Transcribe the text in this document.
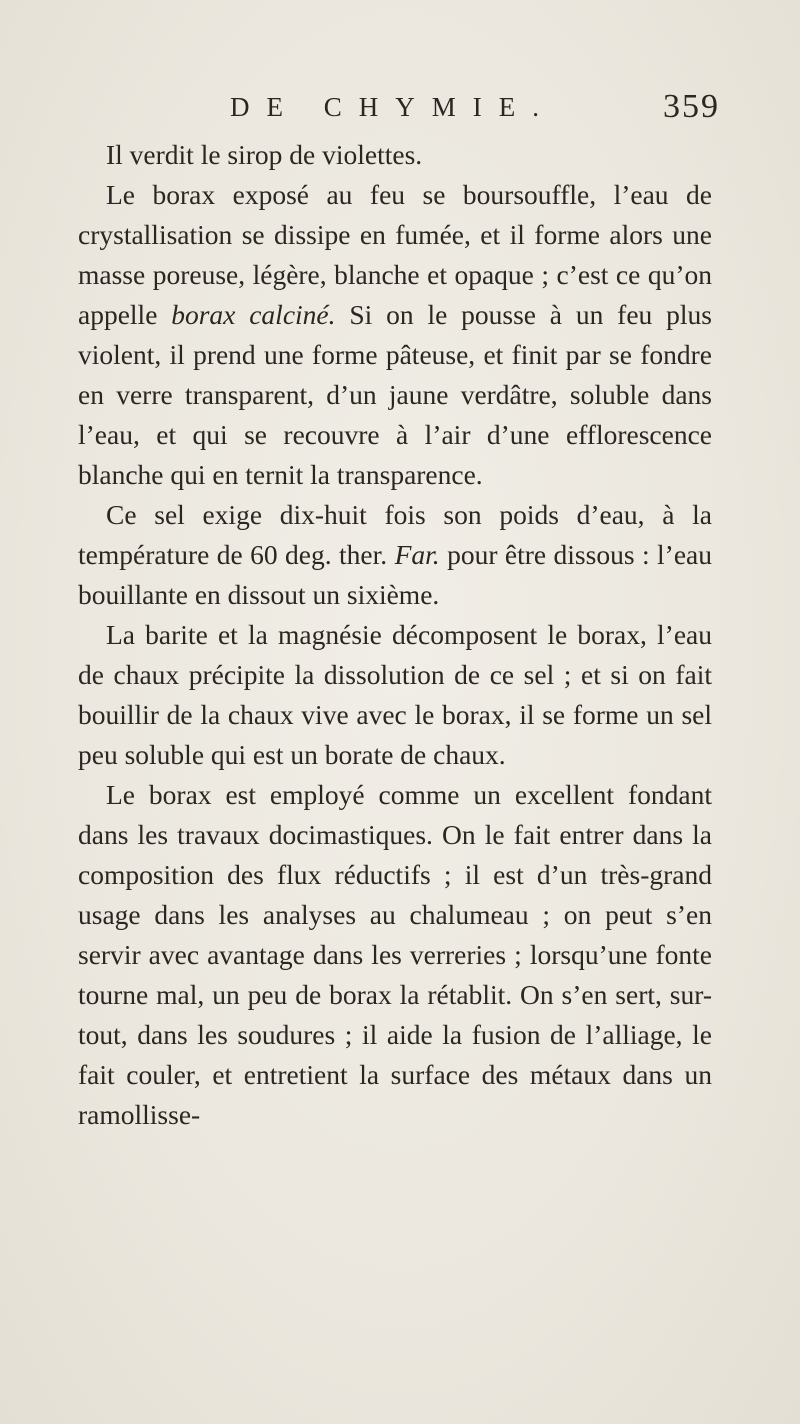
DE CHYMIE.	359

Il verdit le sirop de violettes.

Le borax exposé au feu se boursouffle, l’eau de crystallisation se dissipe en fumée, et il forme alors une masse poreuse, légère, blanche et opaque ; c’est ce qu’on appelle borax calciné. Si on le pousse à un feu plus violent, il prend une forme pâteuse, et finit par se fondre en verre transparent, d’un jaune verdâtre, soluble dans l’eau, et qui se recouvre à l’air d’une efflorescence blanche qui en ternit la transparence.

Ce sel exige dix-huit fois son poids d’eau, à la température de 60 deg. ther. Far. pour être dissous : l’eau bouillante en dissout un sixième.

La barite et la magnésie décomposent le borax, l’eau de chaux précipite la dissolution de ce sel ; et si on fait bouillir de la chaux vive avec le borax, il se forme un sel peu soluble qui est un borate de chaux.

Le borax est employé comme un excellent fondant dans les travaux docimastiques. On le fait entrer dans la composition des flux réductifs ; il est d’un très-grand usage dans les analyses au chalumeau ; on peut s’en servir avec avantage dans les verreries ; lorsqu’une fonte tourne mal, un peu de borax la rétablit. On s’en sert, sur-tout, dans les soudures ; il aide la fusion de l’alliage, le fait couler, et entretient la surface des métaux dans un ramollisse-
